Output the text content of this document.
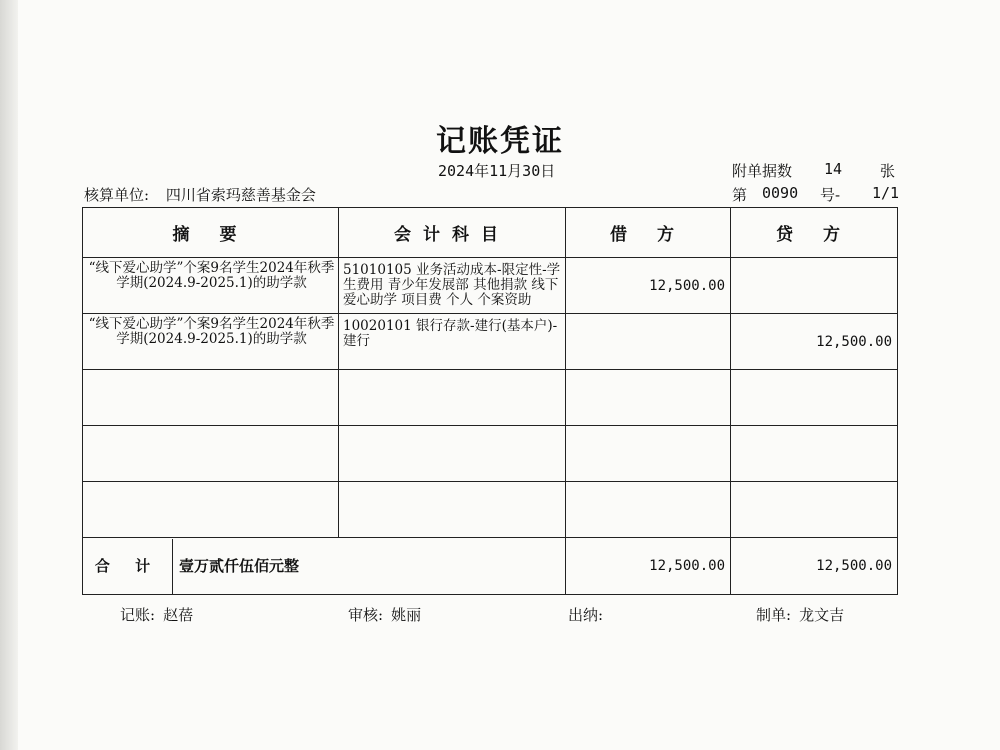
记账凭证
2024年11月30日	附单据数 14	张
核算单位: 四川省索玛慈善基金会	第 0090 号- 1/1
摘 要	会计科目	借 方	贷 方
“线下爱心助学”个案9名学生2024年秋季学期(2024.9-2025.1)的助学款	51010105 业务活动成本-限定性-学生费用 青少年发展部 其他捐款 线下爱心助学 项目费 个人 个案资助	12,500.00	
“线下爱心助学”个案9名学生2024年秋季学期(2024.9-2025.1)的助学款	10020101 银行存款-建行(基本户)-建行		12,500.00

合 计 壹万贰仟伍佰元整		12,500.00	12,500.00
记账: 赵蓓	审核: 姚丽	出纳:	制单: 龙文吉
